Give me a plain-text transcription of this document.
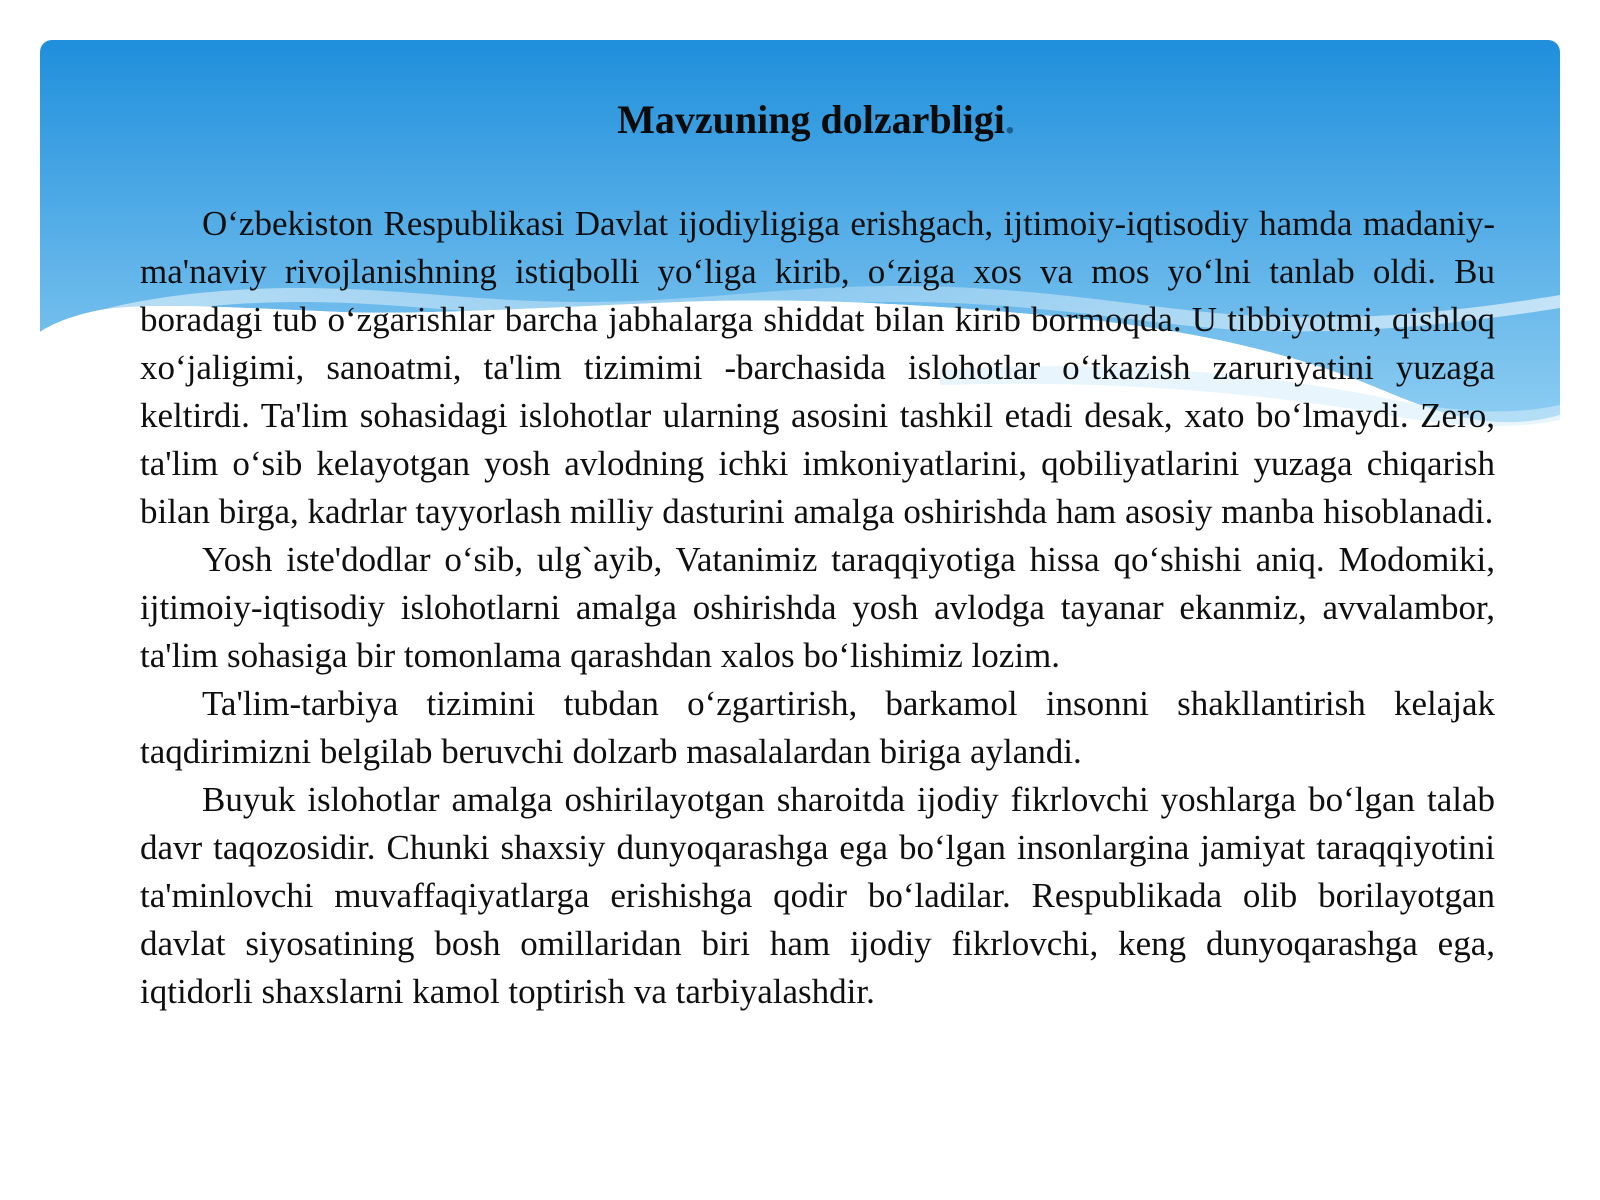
Mavzuning dolzarbligi.

O‘zbekiston Respublikasi Davlat ijodiyligiga erishgach, ijtimoiy-iqtisodiy hamda madaniy-ma'naviy rivojlanishning istiqbolli yo‘liga kirib, o‘ziga xos va mos yo‘lni tanlab oldi. Bu boradagi tub o‘zgarishlar barcha jabhalarga shiddat bilan kirib bormoqda. U tibbiyotmi, qishloq xo‘jaligimi, sanoatmi, ta'lim tizimimi -barchasida islohotlar o‘tkazish zaruriyatini yuzaga keltirdi. Ta'lim sohasidagi islohotlar ularning asosini tashkil etadi desak, xato bo‘lmaydi. Zero, ta'lim o‘sib kelayotgan yosh avlodning ichki imkoniyatlarini, qobiliyatlarini yuzaga chiqarish bilan birga, kadrlar tayyorlash milliy dasturini amalga oshirishda ham asosiy manba hisoblanadi.

Yosh iste'dodlar o‘sib, ulg`ayib, Vatanimiz taraqqiyotiga hissa qo‘shishi aniq. Modomiki, ijtimoiy-iqtisodiy islohotlarni amalga oshirishda yosh avlodga tayanar ekanmiz, avvalambor, ta'lim sohasiga bir tomonlama qarashdan xalos bo‘lishimiz lozim.

Ta'lim-tarbiya tizimini tubdan o‘zgartirish, barkamol insonni shakllantirish kelajak taqdirimizni belgilab beruvchi dolzarb masalalardan biriga aylandi.

Buyuk islohotlar amalga oshirilayotgan sharoitda ijodiy fikrlovchi yoshlarga bo‘lgan talab davr taqozosidir. Chunki shaxsiy dunyoqarashga ega bo‘lgan insonlargina jamiyat taraqqiyotini ta'minlovchi muvaffaqiyatlarga erishishga qodir bo‘ladilar. Respublikada olib borilayotgan davlat siyosatining bosh omillaridan biri ham ijodiy fikrlovchi, keng dunyoqarashga ega, iqtidorli shaxslarni kamol toptirish va tarbiyalashdir.
